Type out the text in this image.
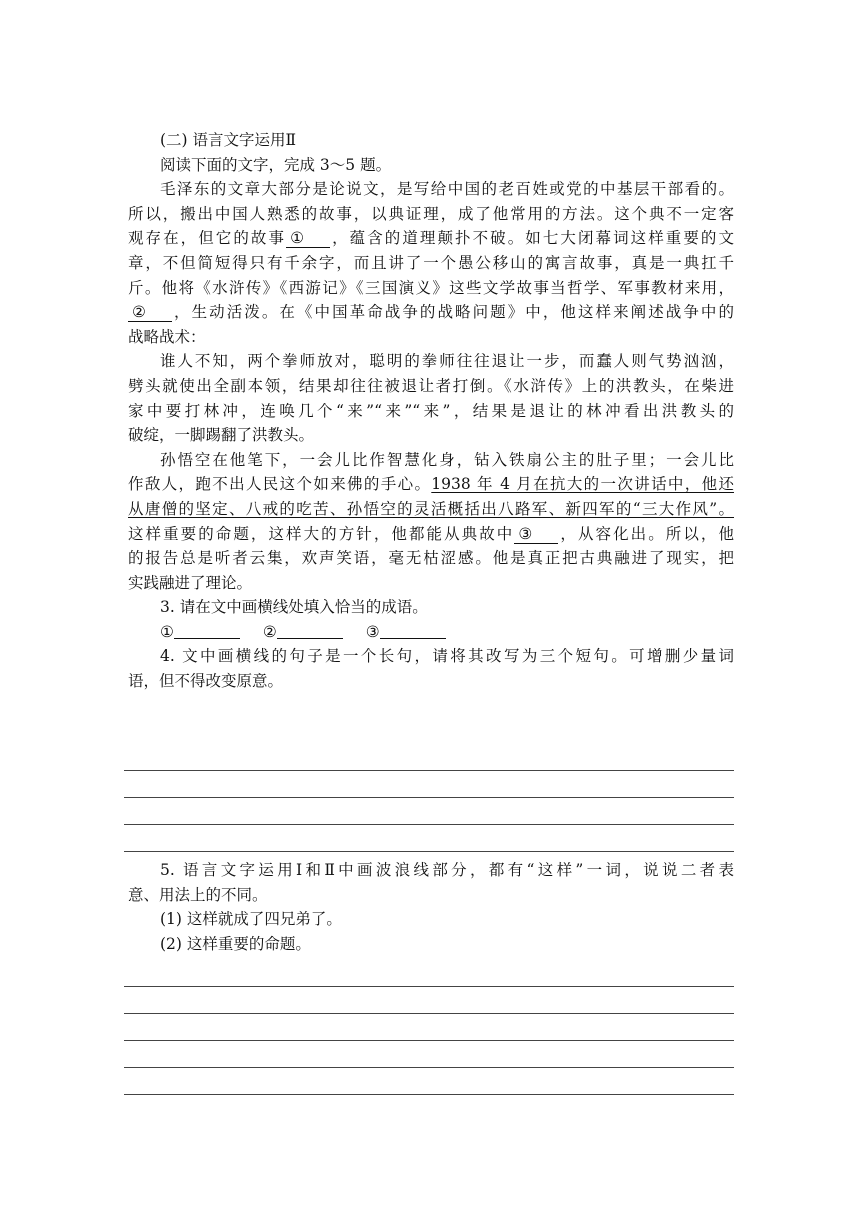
(二) 语言文字运用Ⅱ
阅读下面的文字，完成 3～5 题。
毛泽东的文章大部分是论说文，是写给中国的老百姓或党的中基层干部看的。
所以，搬出中国人熟悉的故事，以典证理，成了他常用的方法。这个典不一定客
观存在，但它的故事 ① ，蕴含的道理颠扑不破。如七大闭幕词这样重要的文
章，不但简短得只有千余字，而且讲了一个愚公移山的寓言故事，真是一典扛千
斤。他将《水浒传》《西游记》《三国演义》这些文学故事当哲学、军事教材来用，
② ，生动活泼。在《中国革命战争的战略问题》中，他这样来阐述战争中的
战略战术：
谁人不知，两个拳师放对，聪明的拳师往往退让一步，而蠢人则气势汹汹，
劈头就使出全副本领，结果却往往被退让者打倒。《水浒传》上的洪教头，在柴进
家中要打林冲，连唤几个“来”“来”“来”，结果是退让的林冲看出洪教头的
破绽，一脚踢翻了洪教头。
孙悟空在他笔下，一会儿比作智慧化身，钻入铁扇公主的肚子里；一会儿比
作敌人，跑不出人民这个如来佛的手心。1938 年 4 月在抗大的一次讲话中，他还
从唐僧的坚定、八戒的吃苦、孙悟空的灵活概括出八路军、新四军的“三大作风”。
这样重要的命题，这样大的方针，他都能从典故中 ③ ，从容化出。所以，他
的报告总是听者云集，欢声笑语，毫无枯涩感。他是真正把古典融进了现实，把
实践融进了理论。
3. 请在文中画横线处填入恰当的成语。
①	②	③
4. 文中画横线的句子是一个长句，请将其改写为三个短句。可增删少量词
语，但不得改变原意。
5. 语言文字运用Ⅰ和Ⅱ中画波浪线部分，都有“这样”一词，说说二者表
意、用法上的不同。
(1) 这样就成了四兄弟了。
(2) 这样重要的命题。
